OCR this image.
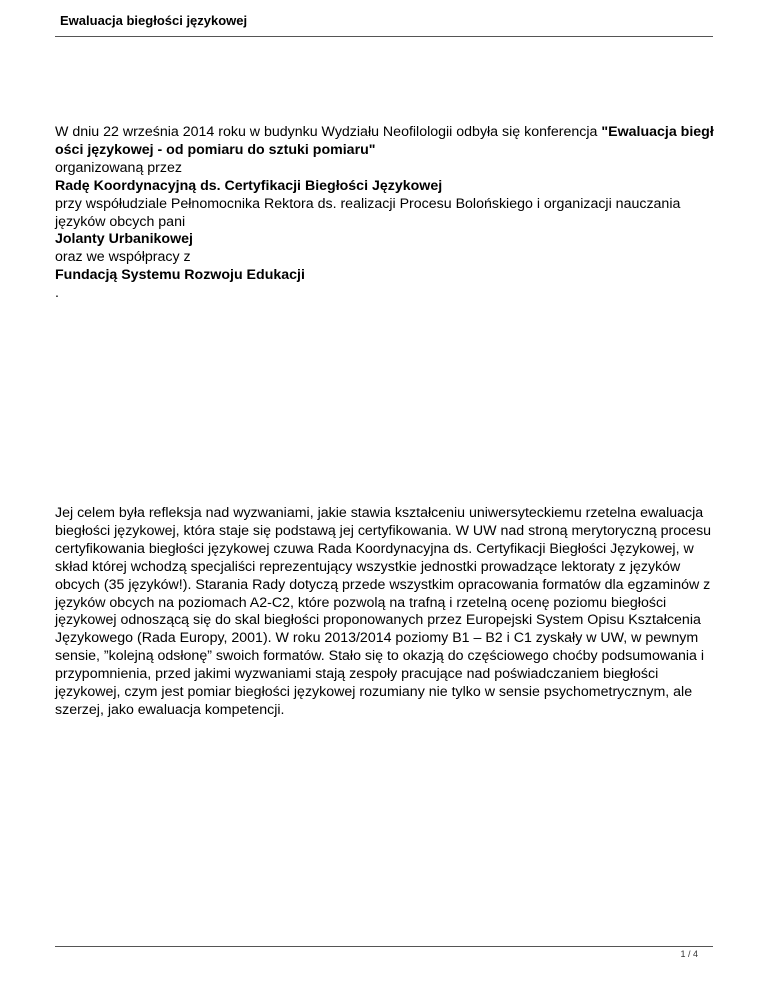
Ewaluacja biegłości językowej
W dniu 22 września 2014 roku w budynku Wydziału Neofilologii odbyła się konferencja "Ewaluacja biegłości językowej - od pomiaru do sztuki pomiaru"
organizowaną przez
Radę Koordynacyjną ds. Certyfikacji Biegłości Językowej
przy współudziale Pełnomocnika Rektora ds. realizacji Procesu Bolońskiego i organizacji nauczania języków obcych pani
Jolanty Urbanikowej
oraz we współpracy z
Fundacją Systemu Rozwoju Edukacji
.

Jej celem była refleksja nad wyzwaniami, jakie stawia kształceniu uniwersyteckiemu rzetelna ewaluacja biegłości językowej, która staje się podstawą jej certyfikowania. W UW nad stroną merytoryczną procesu certyfikowania biegłości językowej czuwa Rada Koordynacyjna ds. Certyfikacji Biegłości Językowej, w skład której wchodzą specjaliści reprezentujący wszystkie jednostki prowadzące lektoraty z języków obcych (35 języków!). Starania Rady dotyczą przede wszystkim opracowania formatów dla egzaminów z języków obcych na poziomach A2-C2, które pozwolą na trafną i rzetelną ocenę poziomu biegłości językowej odnoszącą się do skal biegłości proponowanych przez Europejski System Opisu Kształcenia Językowego (Rada Europy, 2001). W roku 2013/2014 poziomy B1 – B2 i C1 zyskały w UW, w pewnym sensie, ”kolejną odsłonę” swoich formatów. Stało się to okazją do częściowego choćby podsumowania i przypomnienia, przed jakimi wyzwaniami stają zespoły pracujące nad poświadczaniem biegłości językowej, czym jest pomiar biegłości językowej rozumiany nie tylko w sensie psychometrycznym, ale szerzej, jako ewaluacja kompetencji.

1 / 4
